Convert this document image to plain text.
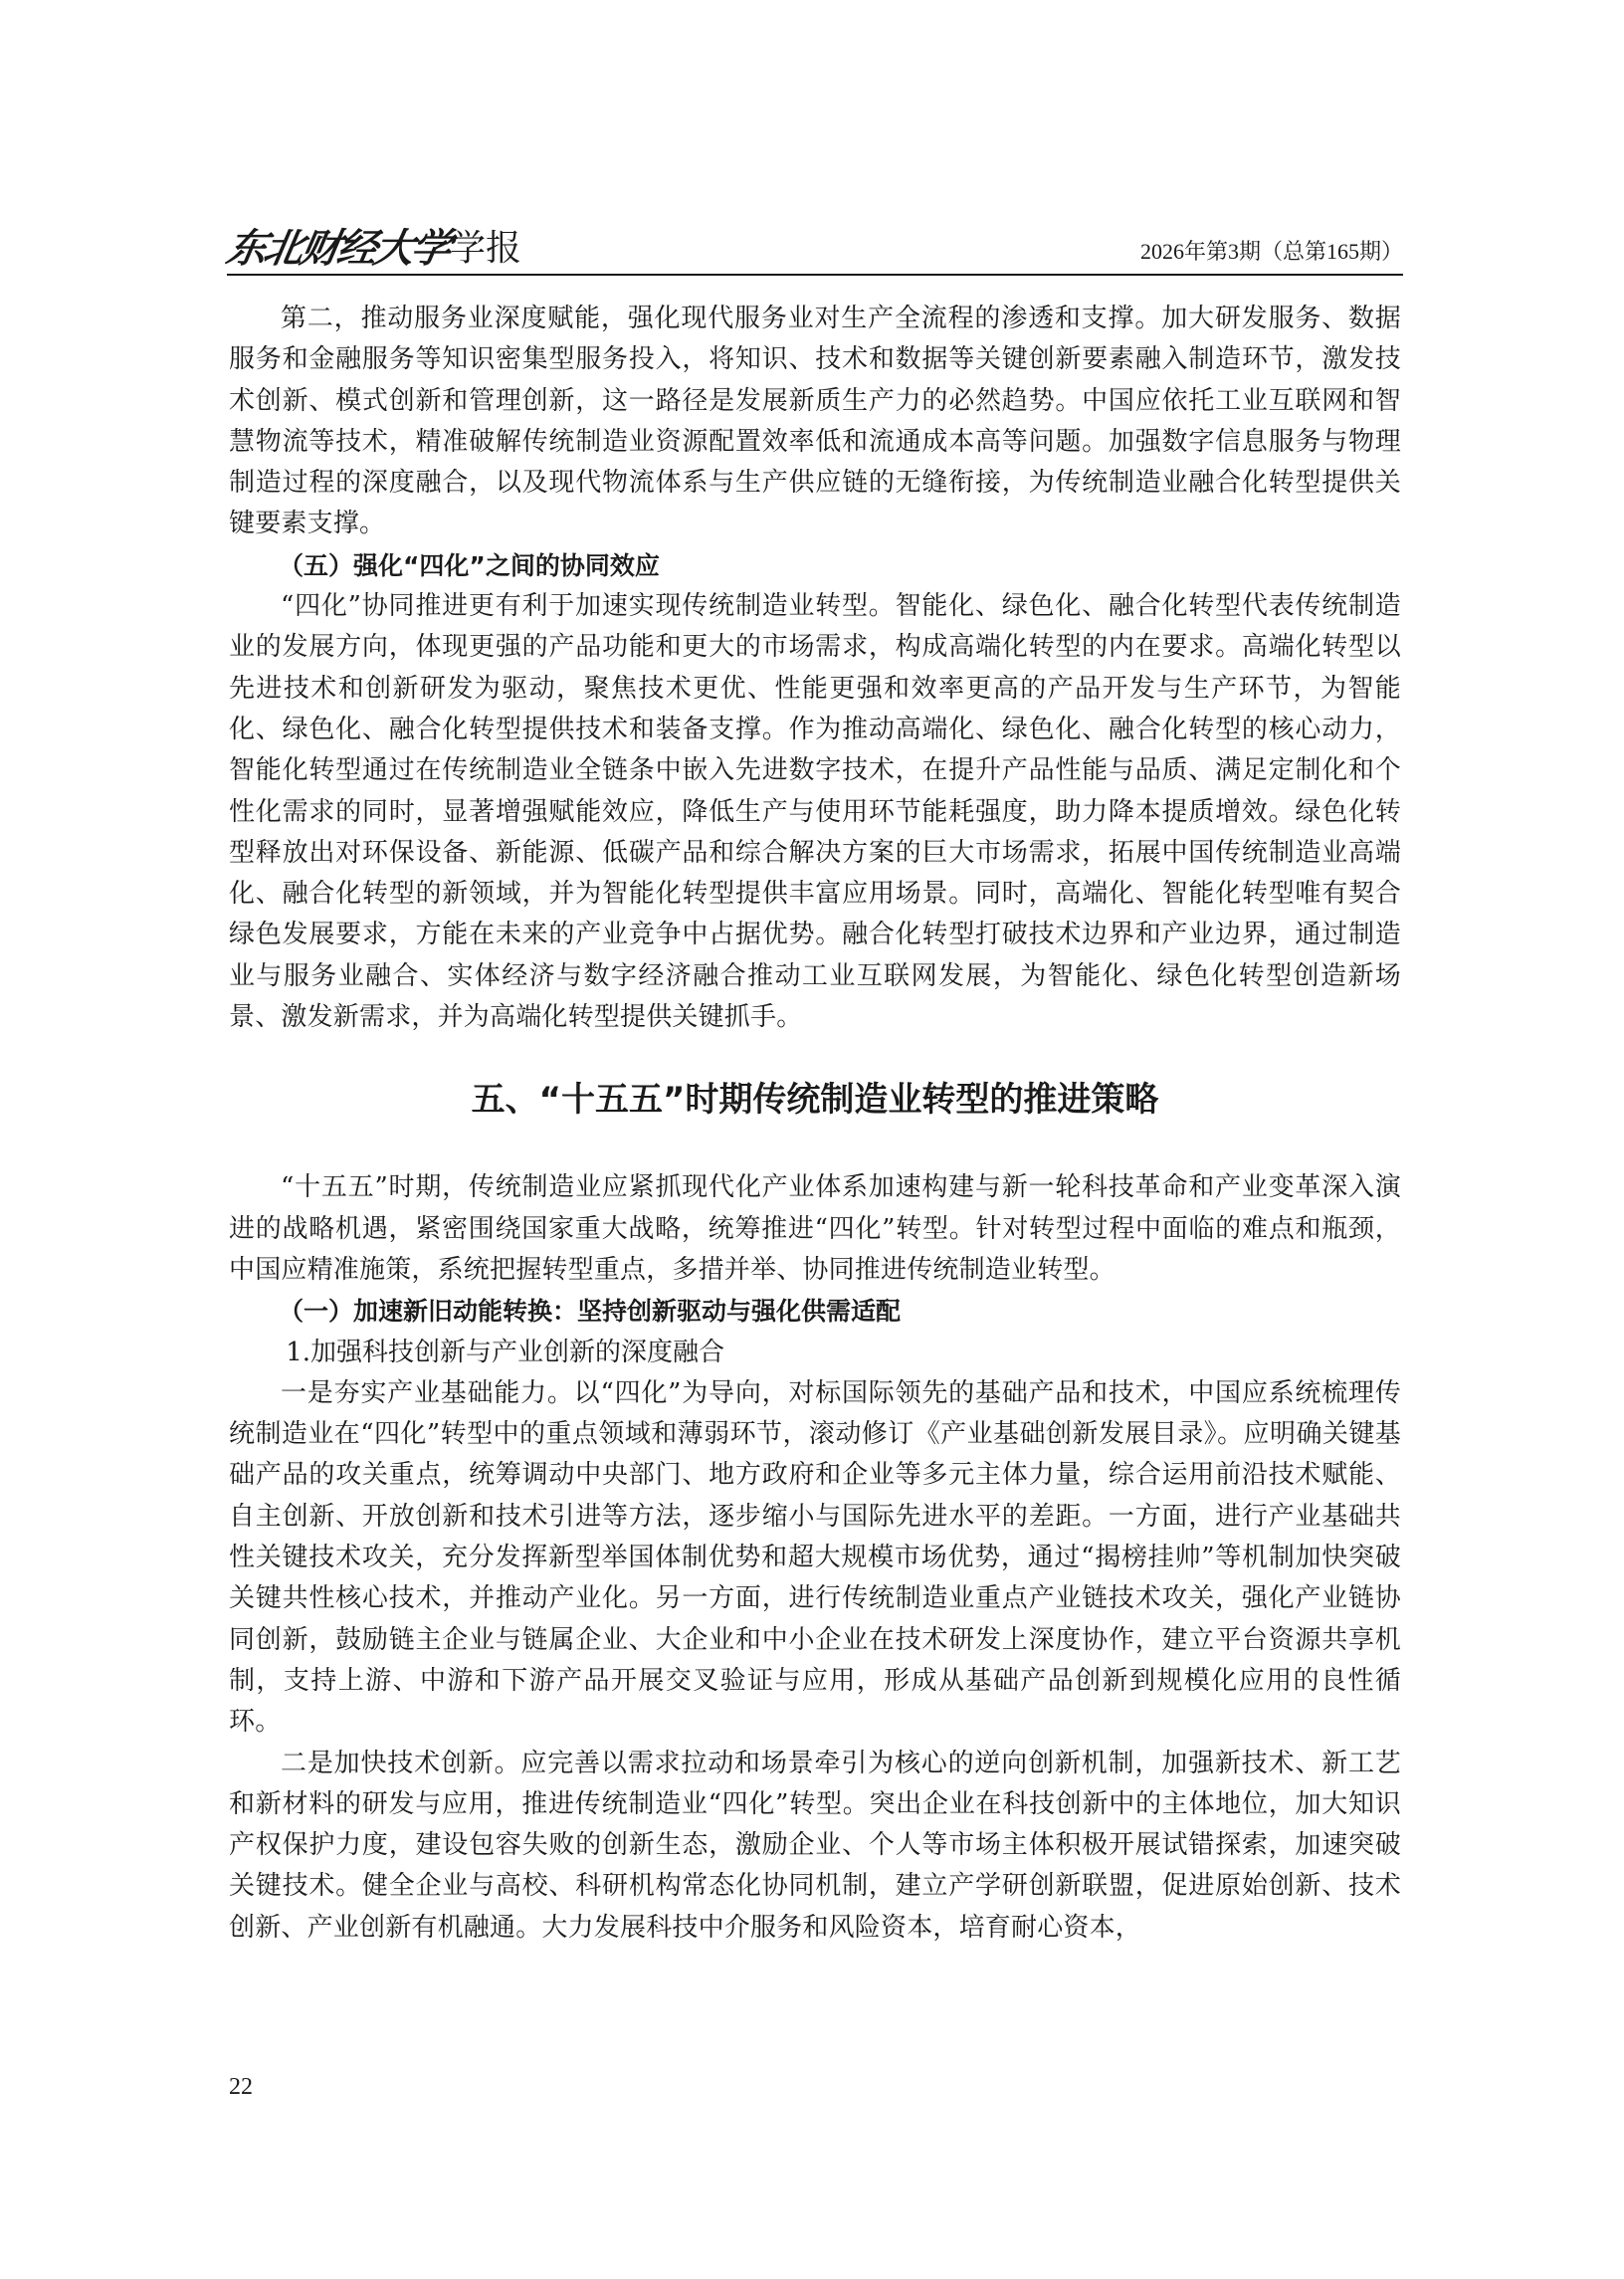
东北财经大学
学报	2026年第3期（总第165期）

第二，推动服务业深度赋能，强化现代服务业对生产全流程的渗透和支撑。加大研发服务、数据服务和金融服务等知识密集型服务投入，将知识、技术和数据等关键创新要素融入制造环节，激发技术创新、模式创新和管理创新，这一路径是发展新质生产力的必然趋势。中国应依托工业互联网和智慧物流等技术，精准破解传统制造业资源配置效率低和流通成本高等问题。加强数字信息服务与物理制造过程的深度融合，以及现代物流体系与生产供应链的无缝衔接，为传统制造业融合化转型提供关键要素支撑。

（五）强化“四化”之间的协同效应

“四化”协同推进更有利于加速实现传统制造业转型。智能化、绿色化、融合化转型代表传统制造业的发展方向，体现更强的产品功能和更大的市场需求，构成高端化转型的内在要求。高端化转型以先进技术和创新研发为驱动，聚焦技术更优、性能更强和效率更高的产品开发与生产环节，为智能化、绿色化、融合化转型提供技术和装备支撑。作为推动高端化、绿色化、融合化转型的核心动力，智能化转型通过在传统制造业全链条中嵌入先进数字技术，在提升产品性能与品质、满足定制化和个性化需求的同时，显著增强赋能效应，降低生产与使用环节能耗强度，助力降本提质增效。绿色化转型释放出对环保设备、新能源、低碳产品和综合解决方案的巨大市场需求，拓展中国传统制造业高端化、融合化转型的新领域，并为智能化转型提供丰富应用场景。同时，高端化、智能化转型唯有契合绿色发展要求，方能在未来的产业竞争中占据优势。融合化转型打破技术边界和产业边界，通过制造业与服务业融合、实体经济与数字经济融合推动工业互联网发展，为智能化、绿色化转型创造新场景、激发新需求，并为高端化转型提供关键抓手。

五、“十五五”时期传统制造业转型的推进策略

“十五五”时期，传统制造业应紧抓现代化产业体系加速构建与新一轮科技革命和产业变革深入演进的战略机遇，紧密围绕国家重大战略，统筹推进“四化”转型。针对转型过程中面临的难点和瓶颈，中国应精准施策，系统把握转型重点，多措并举、协同推进传统制造业转型。

（一）加速新旧动能转换：坚持创新驱动与强化供需适配

1.加强科技创新与产业创新的深度融合

一是夯实产业基础能力。以“四化”为导向，对标国际领先的基础产品和技术，中国应系统梳理传统制造业在“四化”转型中的重点领域和薄弱环节，滚动修订《产业基础创新发展目录》。应明确关键基础产品的攻关重点，统筹调动中央部门、地方政府和企业等多元主体力量，综合运用前沿技术赋能、自主创新、开放创新和技术引进等方法，逐步缩小与国际先进水平的差距。一方面，进行产业基础共性关键技术攻关，充分发挥新型举国体制优势和超大规模市场优势，通过“揭榜挂帅”等机制加快突破关键共性核心技术，并推动产业化。另一方面，进行传统制造业重点产业链技术攻关，强化产业链协同创新，鼓励链主企业与链属企业、大企业和中小企业在技术研发上深度协作，建立平台资源共享机制，支持上游、中游和下游产品开展交叉验证与应用，形成从基础产品创新到规模化应用的良性循环。

二是加快技术创新。应完善以需求拉动和场景牵引为核心的逆向创新机制，加强新技术、新工艺和新材料的研发与应用，推进传统制造业“四化”转型。突出企业在科技创新中的主体地位，加大知识产权保护力度，建设包容失败的创新生态，激励企业、个人等市场主体积极开展试错探索，加速突破关键技术。健全企业与高校、科研机构常态化协同机制，建立产学研创新联盟，促进原始创新、技术创新、产业创新有机融通。大力发展科技中介服务和风险资本，培育耐心资本，

22
